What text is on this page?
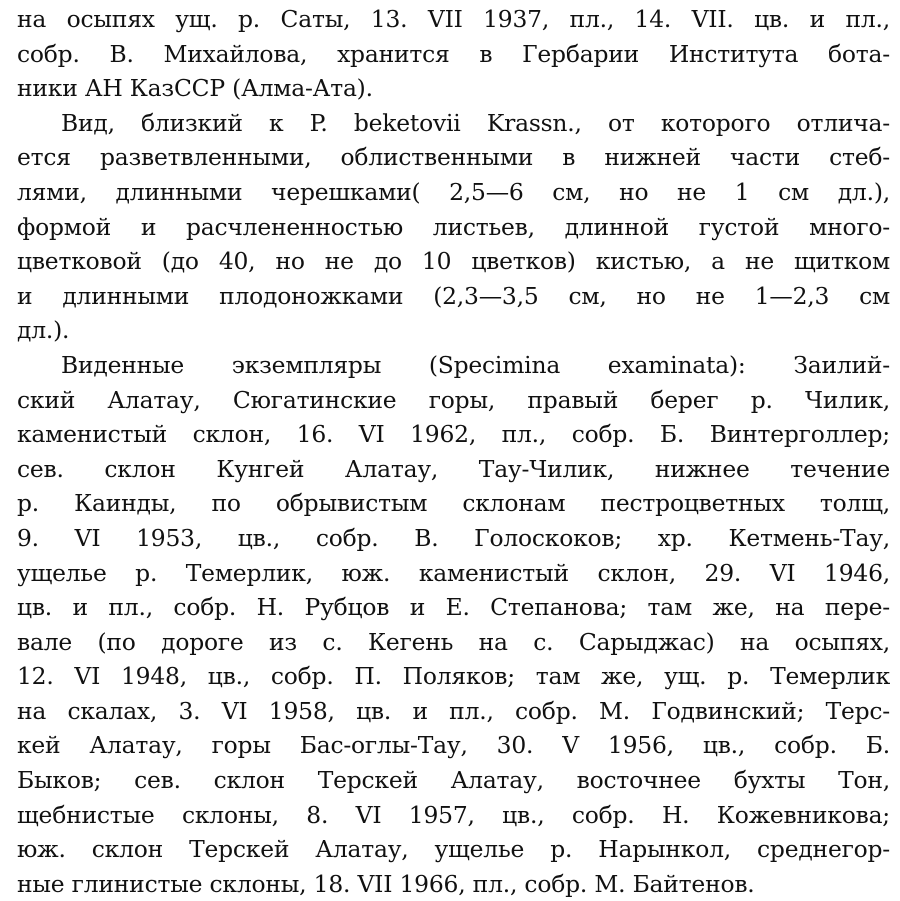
на осыпях ущ. р. Саты, 13. VII 1937, пл., 14. VII. цв. и пл.,
собр. В. Михайлова, хранится в Гербарии Института бота-
ники АН КазССР (Алма-Ата).
Вид, близкий к P. beketovii Krassn., от которого отлича-
ется разветвленными, облиственными в нижней части стеб-
лями, длинными черешками( 2,5—6 см, но не 1 см дл.),
формой и расчлененностью листьев, длинной густой много-
цветковой (до 40, но не до 10 цветков) кистью, а не щитком
и длинными плодоножками (2,3—3,5 см, но не 1—2,3 см
дл.).
Виденные экземпляры (Specimina examinata): Заилий-
ский Алатау, Сюгатинские горы, правый берег р. Чилик,
каменистый склон, 16. VI 1962, пл., собр. Б. Винтерголлер;
сев. склон Кунгей Алатау, Тау-Чилик, нижнее течение
р. Каинды, по обрывистым склонам пестроцветных толщ,
9. VI 1953, цв., собр. В. Голоскоков; хр. Кетмень-Тау,
ущелье р. Темерлик, юж. каменистый склон, 29. VI 1946,
цв. и пл., собр. Н. Рубцов и Е. Степанова; там же, на пере-
вале (по дороге из с. Кегень на с. Сарыджас) на осыпях,
12. VI 1948, цв., собр. П. Поляков; там же, ущ. р. Темерлик
на скалах, 3. VI 1958, цв. и пл., собр. М. Годвинский; Терс-
кей Алатау, горы Бас-оглы-Тау, 30. V 1956, цв., собр. Б.
Быков; сев. склон Терскей Алатау, восточнее бухты Тон,
щебнистые склоны, 8. VI 1957, цв., собр. Н. Кожевникова;
юж. склон Терскей Алатау, ущелье р. Нарынкол, среднегор-
ные глинистые склоны, 18. VII 1966, пл., собр. М. Байтенов.
